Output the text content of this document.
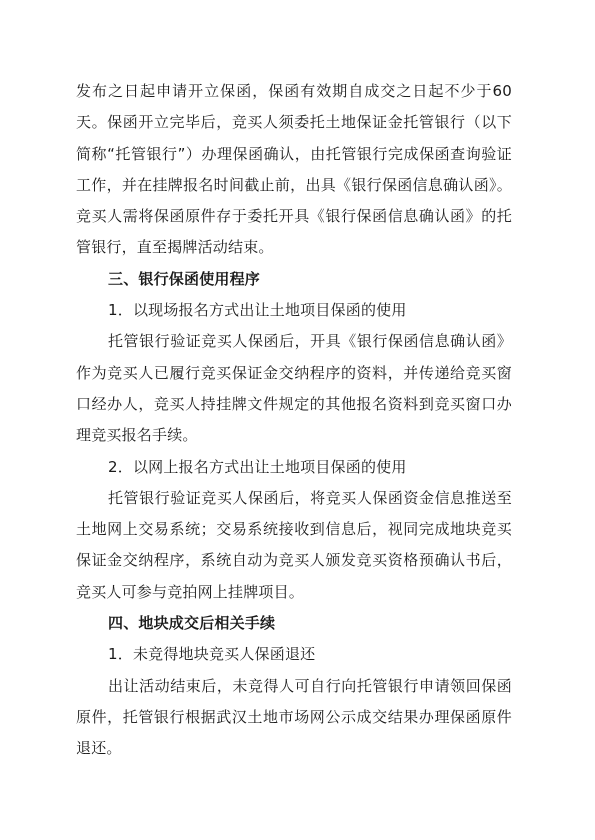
发布之日起申请开立保函，保函有效期自成交之日起不少于60天。保函开立完毕后，竞买人须委托土地保证金托管银行（以下简称“托管银行”）办理保函确认，由托管银行完成保函查询验证工作，并在挂牌报名时间截止前，出具《银行保函信息确认函》。竞买人需将保函原件存于委托开具《银行保函信息确认函》的托管银行，直至揭牌活动结束。

三、银行保函使用程序

1．以现场报名方式出让土地项目保函的使用

托管银行验证竞买人保函后，开具《银行保函信息确认函》作为竞买人已履行竞买保证金交纳程序的资料，并传递给竞买窗口经办人，竞买人持挂牌文件规定的其他报名资料到竞买窗口办理竞买报名手续。

2．以网上报名方式出让土地项目保函的使用

托管银行验证竞买人保函后，将竞买人保函资金信息推送至土地网上交易系统；交易系统接收到信息后，视同完成地块竞买保证金交纳程序，系统自动为竞买人颁发竞买资格预确认书后，竞买人可参与竞拍网上挂牌项目。

四、地块成交后相关手续

1．未竞得地块竞买人保函退还

出让活动结束后，未竞得人可自行向托管银行申请领回保函原件，托管银行根据武汉土地市场网公示成交结果办理保函原件退还。
